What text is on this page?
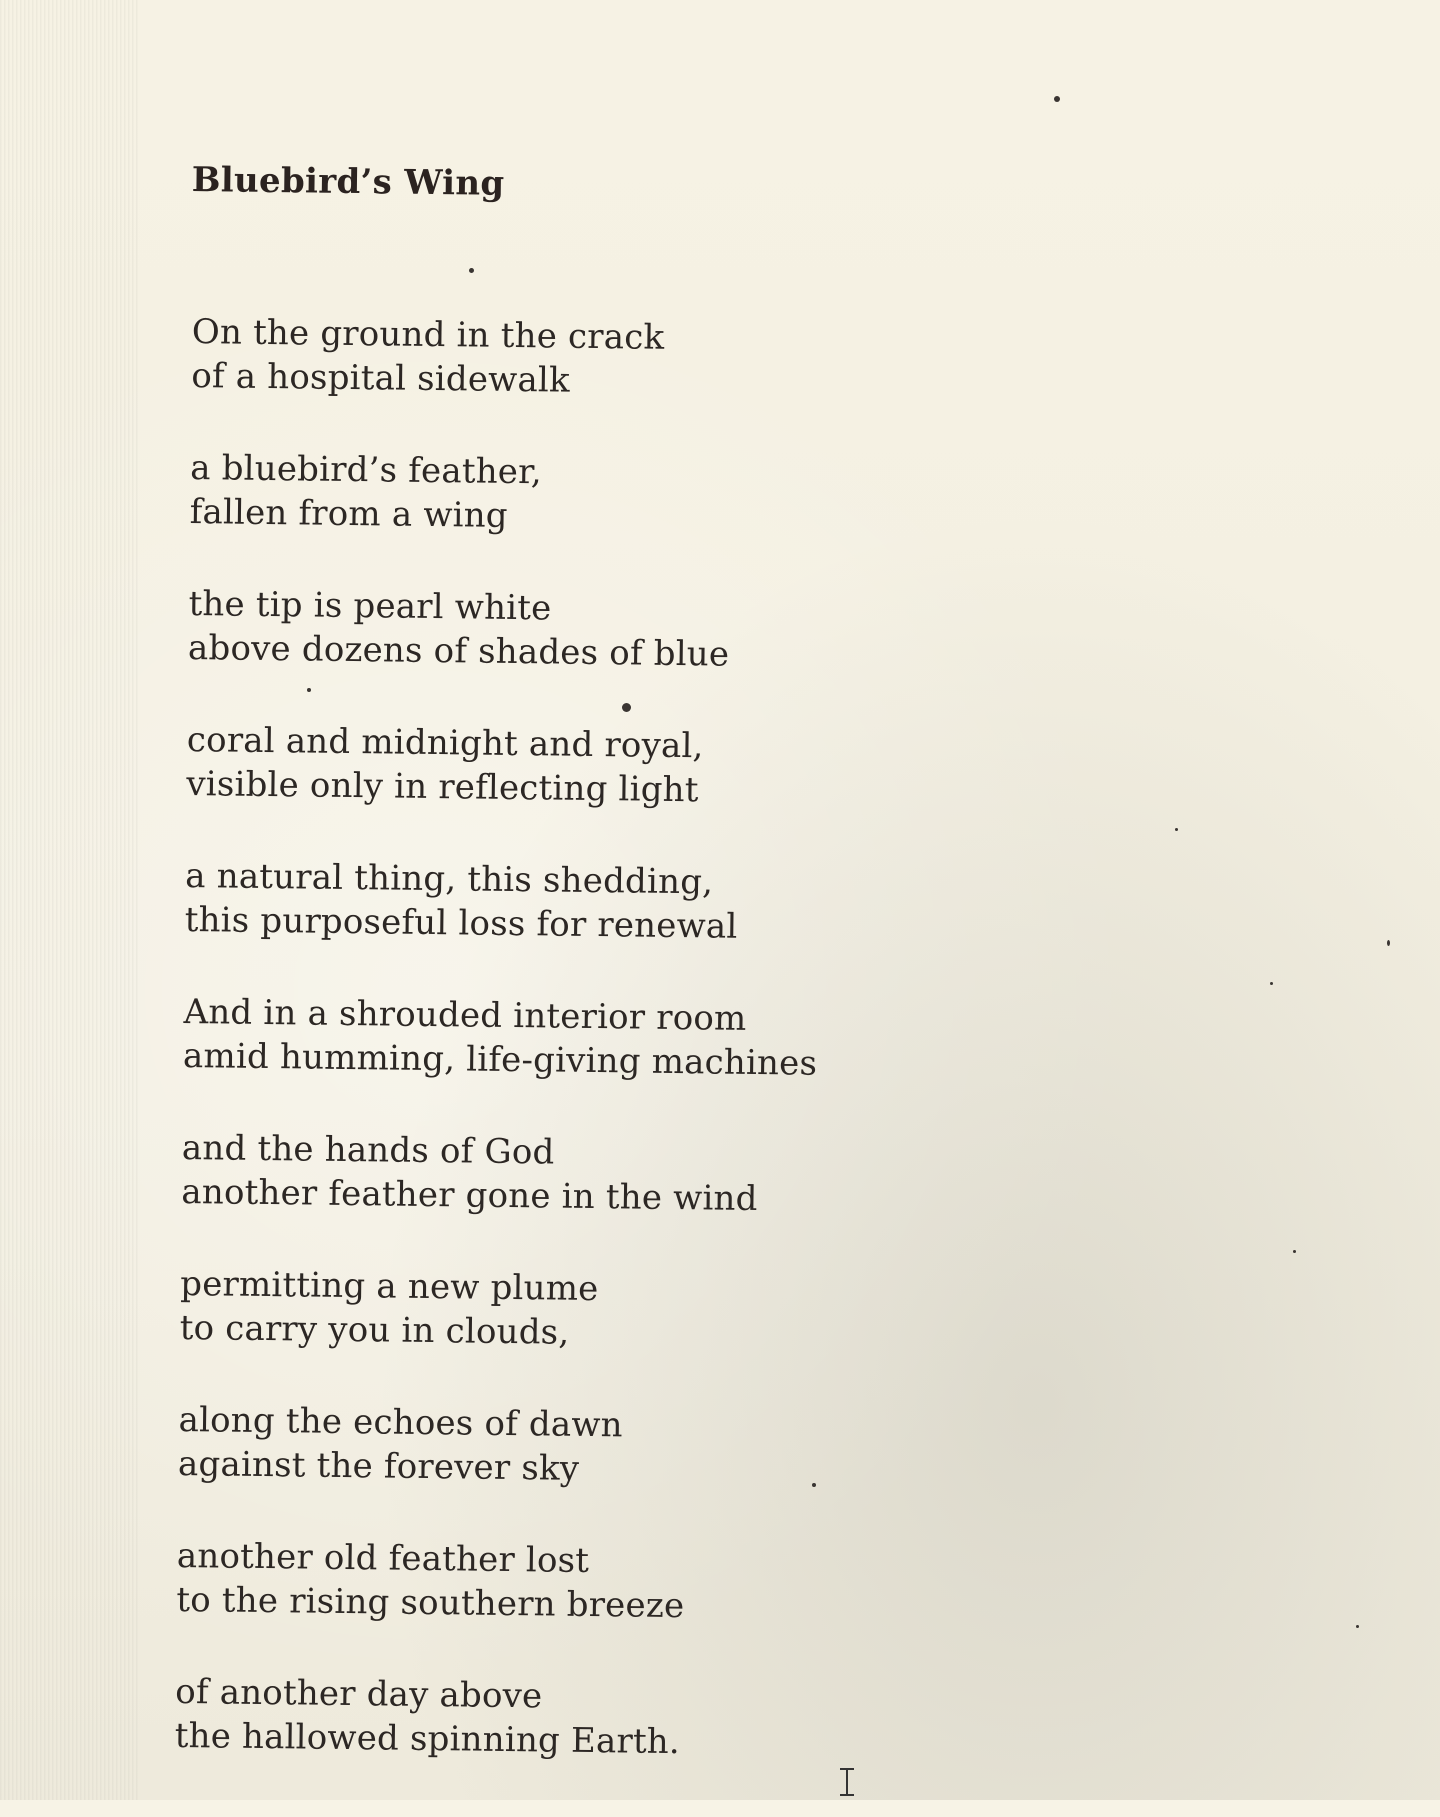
Bluebird’s Wing
On the ground in the crack
of a hospital sidewalk
a bluebird’s feather,
fallen from a wing
the tip is pearl white
above dozens of shades of blue
coral and midnight and royal,
visible only in reflecting light
a natural thing, this shedding,
this purposeful loss for renewal
And in a shrouded interior room
amid humming, life-giving machines
and the hands of God
another feather gone in the wind
permitting a new plume
to carry you in clouds,
along the echoes of dawn
against the forever sky
another old feather lost
to the rising southern breeze
of another day above
the hallowed spinning Earth.
